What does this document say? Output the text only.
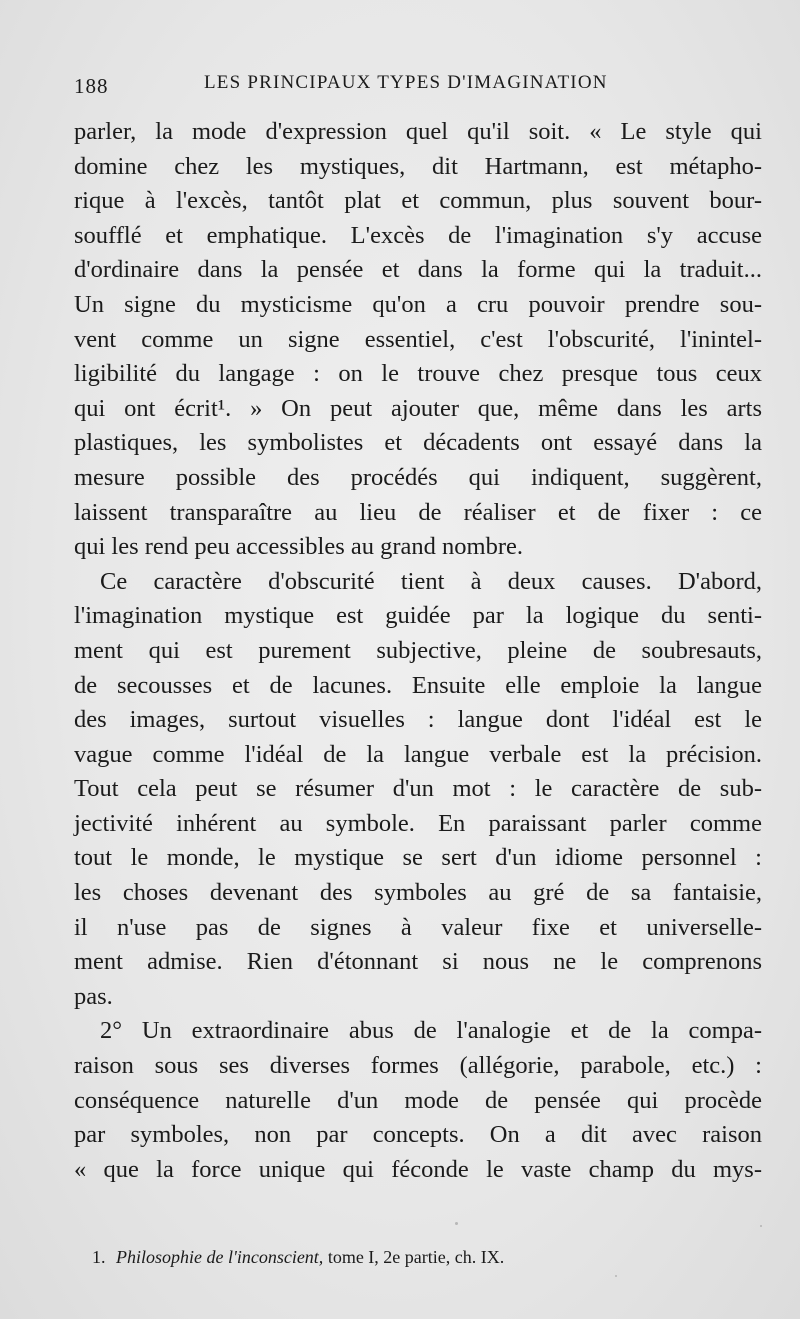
188	LES PRINCIPAUX TYPES D'IMAGINATION
parler, la mode d'expression quel qu'il soit. « Le style qui
domine chez les mystiques, dit Hartmann, est métapho-
rique à l'excès, tantôt plat et commun, plus souvent bour-
soufflé et emphatique. L'excès de l'imagination s'y accuse
d'ordinaire dans la pensée et dans la forme qui la traduit...
Un signe du mysticisme qu'on a cru pouvoir prendre sou-
vent comme un signe essentiel, c'est l'obscurité, l'inintel-
ligibilité du langage : on le trouve chez presque tous ceux
qui ont écrit¹. » On peut ajouter que, même dans les arts
plastiques, les symbolistes et décadents ont essayé dans la
mesure possible des procédés qui indiquent, suggèrent,
laissent transparaître au lieu de réaliser et de fixer : ce
qui les rend peu accessibles au grand nombre.
Ce caractère d'obscurité tient à deux causes. D'abord,
l'imagination mystique est guidée par la logique du senti-
ment qui est purement subjective, pleine de soubresauts,
de secousses et de lacunes. Ensuite elle emploie la langue
des images, surtout visuelles : langue dont l'idéal est le
vague comme l'idéal de la langue verbale est la précision.
Tout cela peut se résumer d'un mot : le caractère de sub-
jectivité inhérent au symbole. En paraissant parler comme
tout le monde, le mystique se sert d'un idiome personnel :
les choses devenant des symboles au gré de sa fantaisie,
il n'use pas de signes à valeur fixe et universelle-
ment admise. Rien d'étonnant si nous ne le comprenons
pas.
2° Un extraordinaire abus de l'analogie et de la compa-
raison sous ses diverses formes (allégorie, parabole, etc.) :
conséquence naturelle d'un mode de pensée qui procède
par symboles, non par concepts. On a dit avec raison
« que la force unique qui féconde le vaste champ du mys-
1. Philosophie de l'inconscient, tome I, 2e partie, ch. IX.
